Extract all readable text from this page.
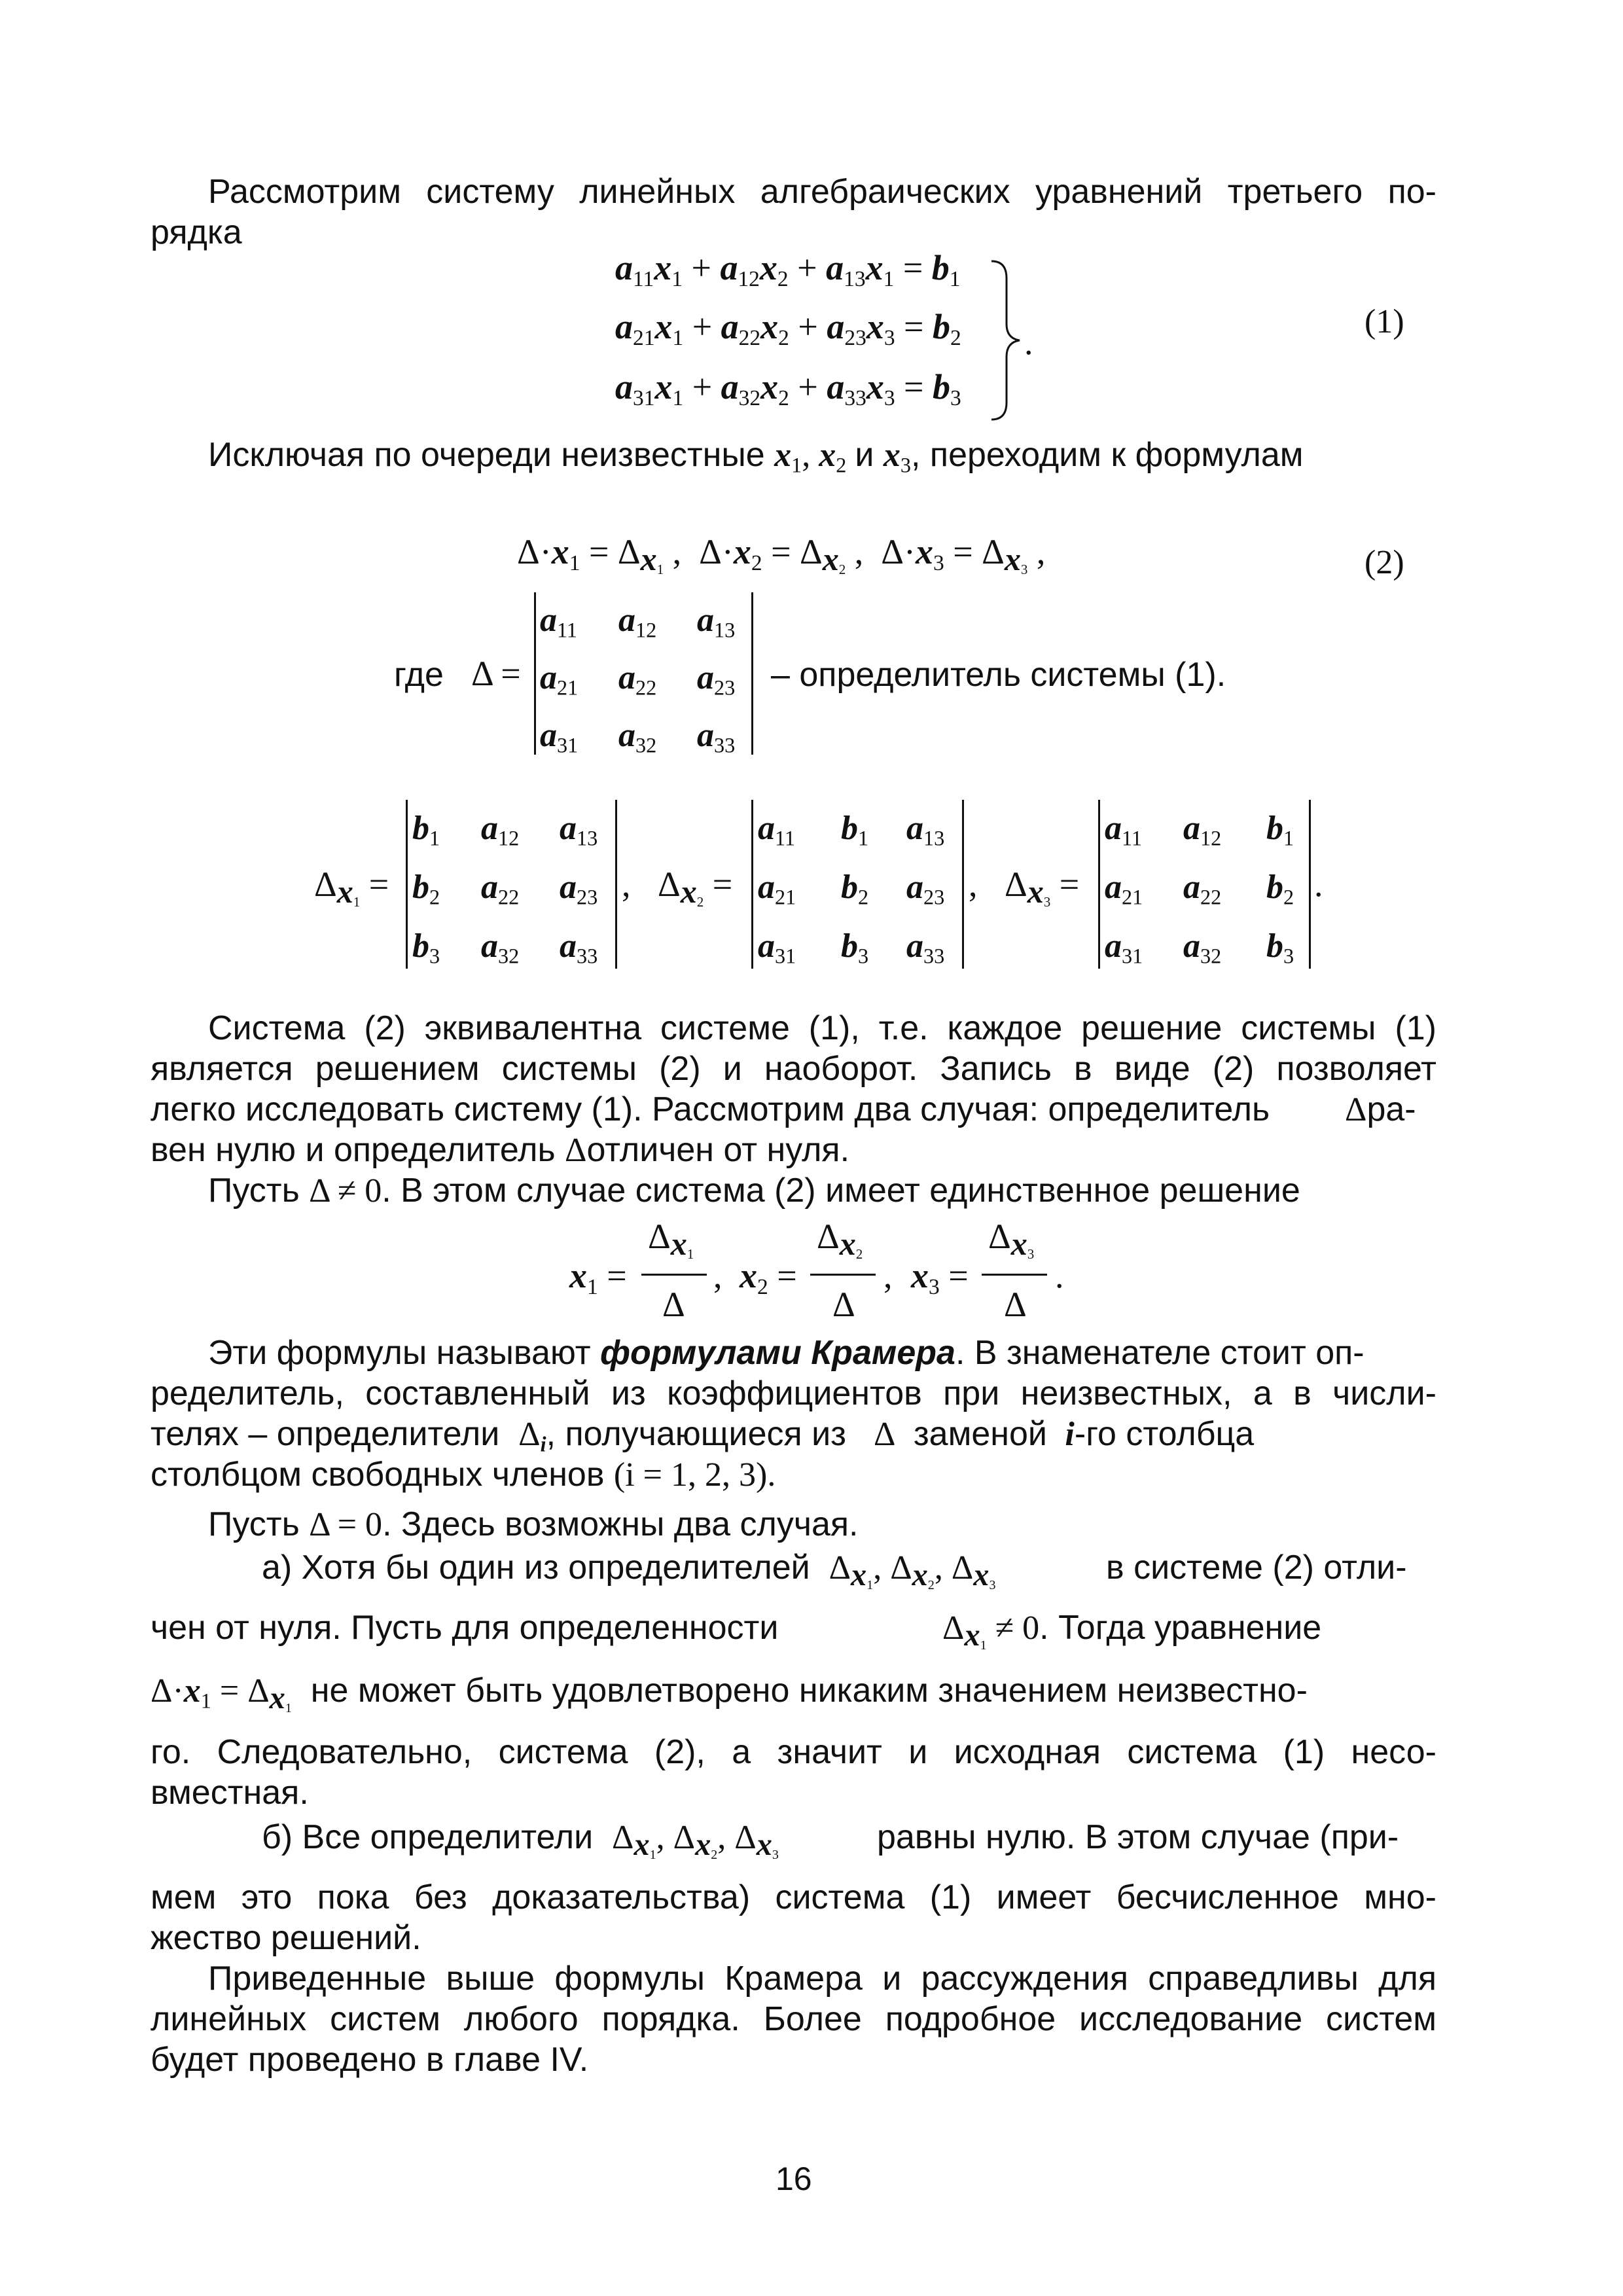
Рассмотрим систему линейных алгебраических уравнений третьего по-
рядка
$a_{11}x_1 + a_{12}x_2 + a_{13}x_1 = b_1$
$a_{21}x_1 + a_{22}x_2 + a_{23}x_3 = b_2$
$a_{31}x_1 + a_{32}x_2 + a_{33}x_3 = b_3$
.
(1)
Исключая по очереди неизвестные $x_1$, $x_2$ и $x_3$, переходим к формулам
$\Delta\cdot x_1 = \Delta_{x_1}$ ,  $\Delta\cdot x_2 = \Delta_{x_2}$ ,  $\Delta\cdot x_3 = \Delta_{x_3}$ ,	(2)
где Δ =
$a_{11}$ $a_{12}$ $a_{13}$
$a_{21}$ $a_{22}$ $a_{23}$
$a_{31}$ $a_{32}$ $a_{33}$
– определитель системы (1).
$\Delta_{x_1}$ =
$b_1$ $a_{12}$ $a_{13}$
$b_2$ $a_{22}$ $a_{23}$
$b_3$ $a_{32}$ $a_{33}$
, $\Delta_{x_2}$ =
$a_{11}$ $b_1$ $a_{13}$
$a_{21}$ $b_2$ $a_{23}$
$a_{31}$ $b_3$ $a_{33}$
, $\Delta_{x_3}$ =
$a_{11}$ $a_{12}$ $b_1$
$a_{21}$ $a_{22}$ $b_2$
$a_{31}$ $a_{32}$ $b_3$
.
Система (2) эквивалентна системе (1), т.е. каждое решение системы (1)
является решением системы (2) и наоборот. Запись в виде (2) позволяет
легко исследовать систему (1). Рассмотрим два случая: определитель Δра-
вен нулю и определитель Δотличен от нуля.
Пусть Δ ≠ 0. В этом случае система (2) имеет единственное решение
$x_1$ =
$\Delta_{x_1}$
Δ
, $x_2$ =
$\Delta_{x_2}$
Δ
, $x_3$ =
$\Delta_{x_3}$
Δ
.
Эти формулы называют формулами Крамера. В знаменателе стоит оп-
ределитель, составленный из коэффициентов при неизвестных, а в числи-
телях – определители $\Delta_i$, получающиеся из   Δ  заменой  i-го столбца
столбцом свободных членов (i = 1, 2, 3).
Пусть Δ = 0. Здесь возможны два случая.
а) Хотя бы один из определителей $\Delta_{x_1}$, $\Delta_{x_2}$, $\Delta_{x_3}$	в системе (2) отли-
чен от нуля. Пусть для определенности	$\Delta_{x_1} \ne 0$. Тогда уравнение
$\Delta\cdot x_1 = \Delta_{x_1}$ не может быть удовлетворено никаким значением неизвестно-
го. Следовательно, система (2), а значит и исходная система (1) несо-
вместная.
б) Все определители $\Delta_{x_1}$, $\Delta_{x_2}$, $\Delta_{x_3}$	равны нулю. В этом случае (при-
мем это пока без доказательства) система (1) имеет бесчисленное мно-
жество решений.
Приведенные выше формулы Крамера и рассуждения справедливы для
линейных систем любого порядка. Более подробное исследование систем
будет проведено в главе IV.
16
